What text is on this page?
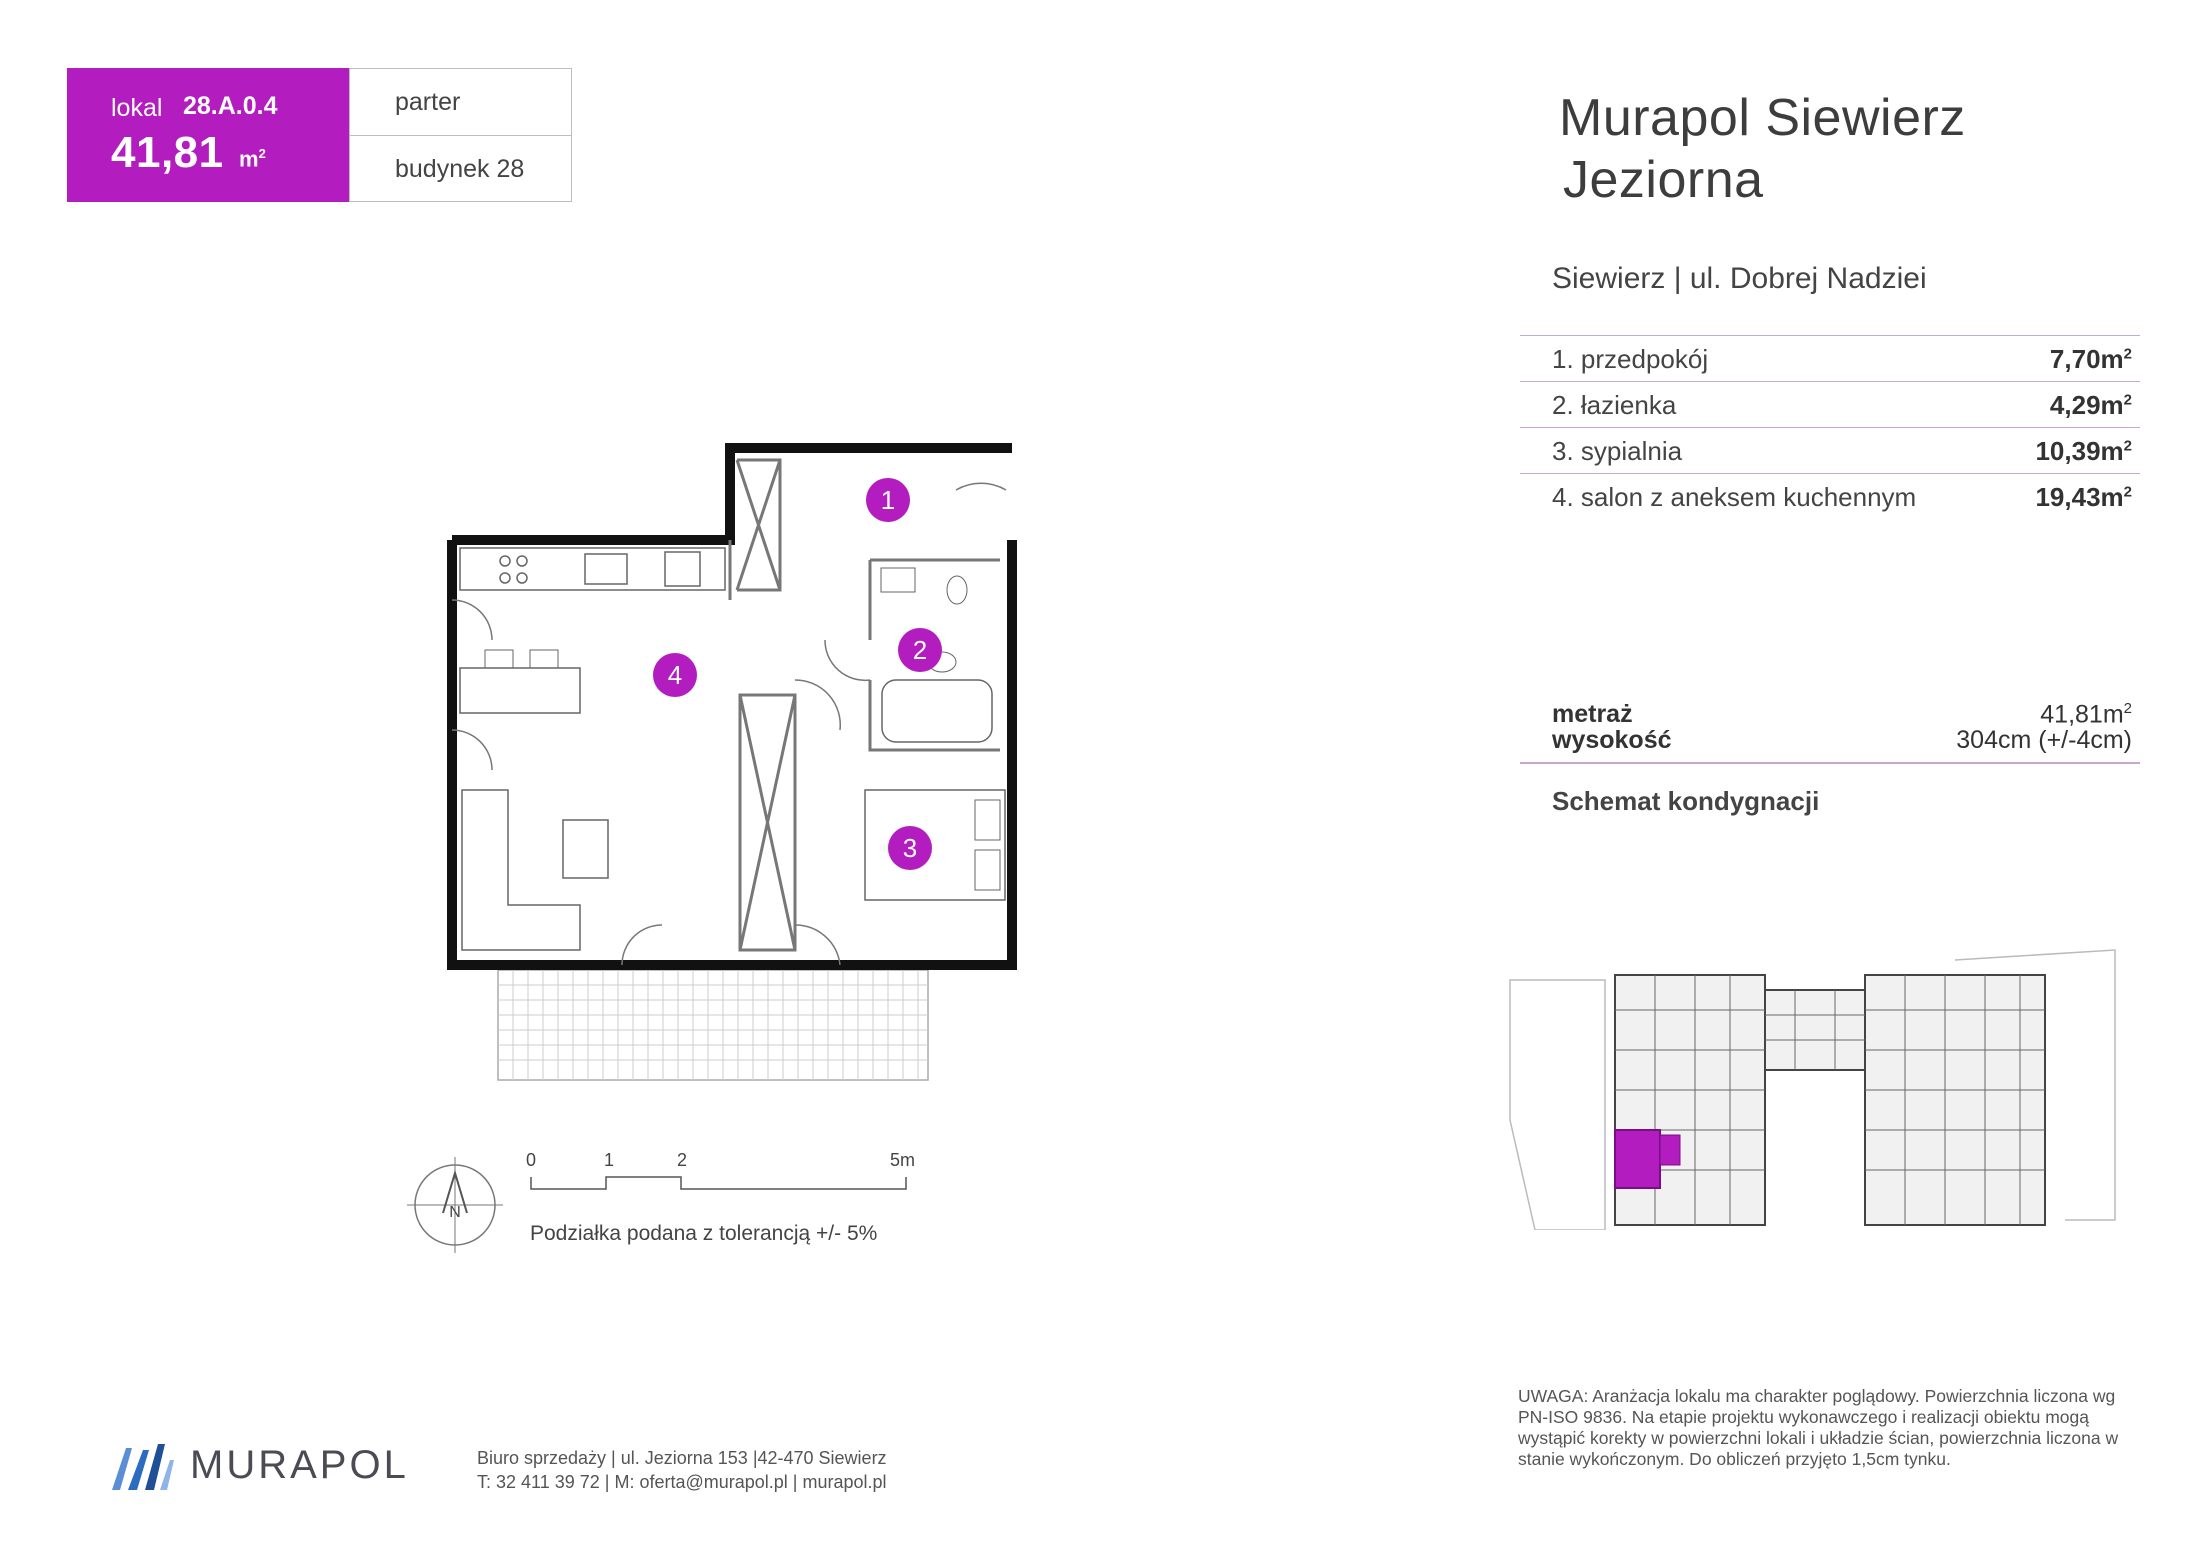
lokal 28.A.0.4
41,81 $m^2$
parter
budynek 28
Murapol Siewierz
Jeziorna
Siewierz | ul. Dobrej Nadziei
1. przedpokój	$7,70m^2$
2. łazienka	$4,29m^2$
3. sypialnia	$10,39m^2$
4. salon z aneksem kuchennym	$19,43m^2$
metraż	$41,81m^2$
wysokość	304cm (+/-4cm)
Schemat kondygnacji
1
2
3
4
N
0	1	2	5m
Podziałka podana z tolerancją +/- 5%
UWAGA: Aranżacja lokalu ma charakter poglądowy. Powierzchnia liczona wg PN-ISO 9836. Na etapie projektu wykonawczego i realizacji obiektu mogą wystąpić korekty w powierzchni lokali i układzie ścian, powierzchnia liczona w stanie wykończonym. Do obliczeń przyjęto 1,5cm tynku.
MURAPOL	Biuro sprzedaży | ul. Jeziorna 153 |42-470 Siewierz
T: 32 411 39 72 | M: oferta@murapol.pl | murapol.pl
